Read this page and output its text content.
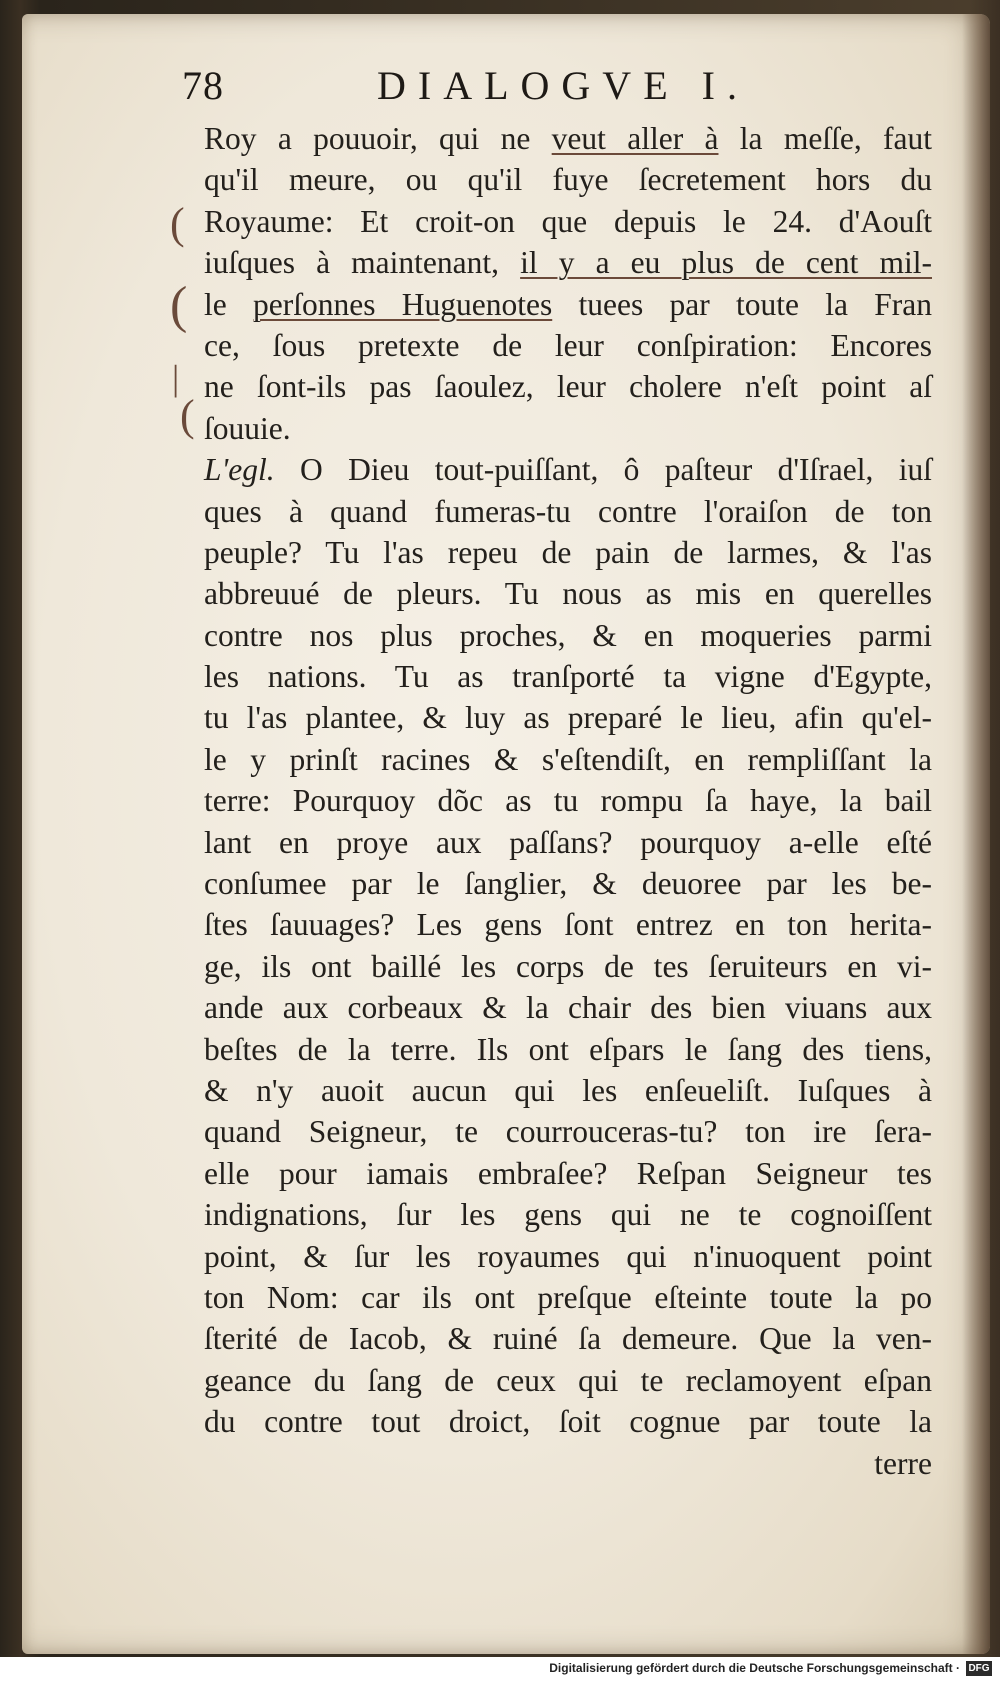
78	DIALOGVE I.
(
(
|
(
Roy a pouuoir, qui ne veut aller à la meſſe, faut
qu'il meure, ou qu'il fuye ſecretement hors du
Royaume: Et croit-on que depuis le 24. d'Aouſt
iuſques à maintenant, il y a eu plus de cent mil-
le perſonnes Huguenotes tuees par toute la Fran
ce, ſous pretexte de leur conſpiration: Encores
ne ſont-ils pas ſaoulez, leur cholere n'eſt point aſ
ſouuie.
L'egl. O Dieu tout-puiſſant, ô paſteur d'Iſrael, iuſ
ques à quand fumeras-tu contre l'oraiſon de ton
peuple? Tu l'as repeu de pain de larmes, & l'as
abbreuué de pleurs. Tu nous as mis en querelles
contre nos plus proches, & en moqueries parmi
les nations. Tu as tranſporté ta vigne d'Egypte,
tu l'as plantee, & luy as preparé le lieu, afin qu'el-
le y prinſt racines & s'eſtendiſt, en rempliſſant la
terre: Pourquoy dõc as tu rompu ſa haye, la bail
lant en proye aux paſſans? pourquoy a-elle eſté
conſumee par le ſanglier, & deuoree par les be-
ſtes ſauuages? Les gens ſont entrez en ton herita-
ge, ils ont baillé les corps de tes ſeruiteurs en vi-
ande aux corbeaux & la chair des bien viuans aux
beſtes de la terre. Ils ont eſpars le ſang des tiens,
& n'y auoit aucun qui les enſeueliſt. Iuſques à
quand Seigneur, te courrouceras-tu? ton ire ſera-
elle pour iamais embraſee? Reſpan Seigneur tes
indignations, ſur les gens qui ne te cognoiſſent
point, & ſur les royaumes qui n'inuoquent point
ton Nom: car ils ont preſque eſteinte toute la po
ſterité de Iacob, & ruiné ſa demeure. Que la ven-
geance du ſang de ceux qui te reclamoyent eſpan
du contre tout droict, ſoit cognue par toute la
terre
Digitalisierung gefördert durch die Deutsche Forschungsgemeinschaft · DFG
